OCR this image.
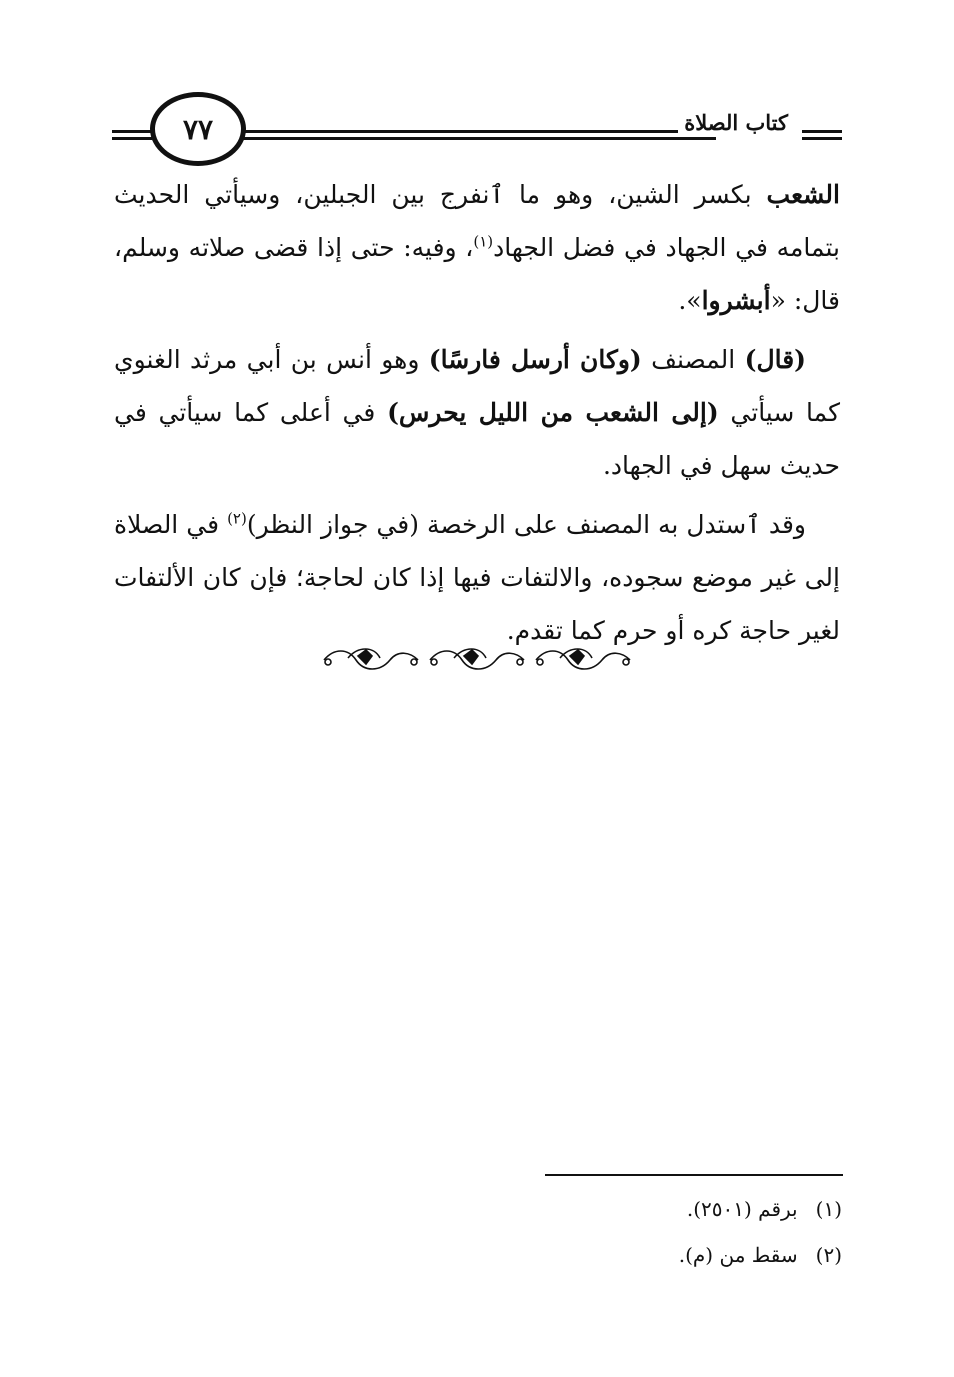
٧٧	كتاب الصلاة

الشعب بكسر الشين، وهو ما ٱنفرج بين الجبلين، وسيأتي الحديث بتمامه في الجهاد في فضل الجهاد$^{(١)}$، وفيه: حتى إذا قضى صلاته وسلم، قال: «أبشروا».

(قال) المصنف (وكان أرسل فارسًا) وهو أنس بن أبي مرثد الغنوي كما سيأتي (إلى الشعب من الليل يحرس) في أعلى كما سيأتي في حديث سهل في الجهاد.

وقد ٱستدل به المصنف على الرخصة (في جواز النظر)$^{(٢)}$ في الصلاة إلى غير موضع سجوده، والالتفات فيها إذا كان لحاجة؛ فإن كان الألتفات لغير حاجة كره أو حرم كما تقدم.

(١)برقم (٢٥٠١).
(٢)سقط من (م).
